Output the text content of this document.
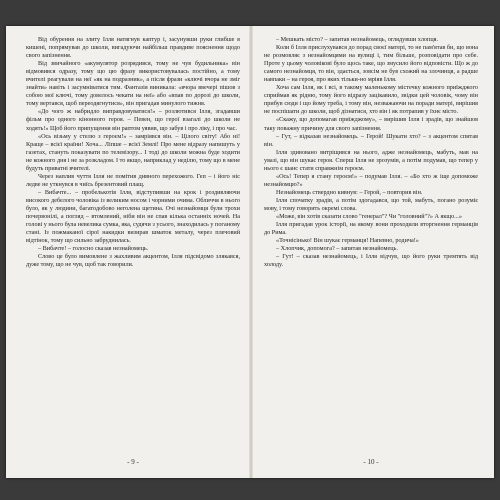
Від обурення на злиту Ілля натягнув каптур і, засунувши руки глибше в кишені, попрямував до школи, вигадуючи найбільш правдиве пояснення щодо свого запізнення.

Від звичайного «акумулятор розрядився, тому не чув будильника» він відмовився одразу, тому що цю фразу використовувалась постійно, а тому вчителі реагували на неї «як на подразник», а після фрази «ключі вчора не зміг знайти» навіть і засумніватися тим. Фантазія виникала: «вчора ввечері пішов з собою мої ключі, тому довелось чекати на неї» або «впав по дорозі до школи, тому вертався, щоб переодягнутися», він пригадав минулого тижня.

«До чого ж набридло виправдовуватися!» – розлютився Ілля, згадавши фільм про одного кінонного героя. – Певен, що герої взагалі до школи не ходять!» Щоб його припущення він раптом уявив, що забув і про ліку, і про час.

«Ось візьму у стелю з героєм!» – замріявся він. – Цілого світу! Або ні! Краще – всієї країни! Хоча... Ліпше – всієї Землі! Про мене відразу напишуть у газетах, стануть показувати по телевізору... І тоді до школи можна буде ходити не кожного дня і не за розкладом. І то якщо, наприклад у неділю, тому що в мене будуть приватні вчителі.

Через наплив чуття Ілля не помітив дивного перехожого. Геп – і його ніс ледве не уткнувся в чиїсь брезентовий плащ.

– Вибачте... – пробелькотів Ілля, відступивши на крок і роздивляючи високого дебелого чоловіка із великим носом і чорними очима. Обличчя в нього було, як у людини, багатодобово неголена щетина. Очі незнайомця були трохи почервонілі, а погляд – втомлений, ніби він не спав кілька останніх ночей. На голові у нього була невелика сумка, яка, судячи з усього, знаходилась у поганому стані. Із пожмаканої сірої накидки визирав шматок металу, через плечовий відтінок, тому що сильно забруднилась.

– Вибачте! – голосно сказав незнайомець.

Слово це було вимовлене з жахливим акцентом, Ілля підсвідомо злякався, дуже тому, що не чув, щоб так говорили.

- 9 -

– Мешкать місто? – запитав незнайомець, оглядувши хлопця.

Коли б Ілля прислухувався до порад своєї матері, то не пам'ятав би, що вона не розмовляє з незнайомцями на вулиці і, тим більше, розповідати про себе. Проте у цьому чоловікові було щось таке, що змусило його відповісти. Що ж до самого незнайомця, то він, здається, зовсім не був схожий на злочинця, а радше навпаки – на героя, про яких тільки-но мріяв Ілля.

Хоча сам Ілля, як і всі, в такому маленькому містечку кожного приїжджого сприймав як рідню, тому його відразу зацікавило, звідки цей чоловік, чому він прибув сюди і що йому треба, і тому він, незважаючи на поради матері, вирішив не поспішати до школи, щоб дізнатися, хто він і як потрапив у їхнє місто.

«Скажу, що допомагав приїжджому», – вирішив Ілля і зрадів, що знайшов таку поважну причину для свого запізнення.

– Гут, – відказав незнайомець. – Герой! Шукати хто? – з акцентом спитав він.

Ілля здивовано витріщився на нього, адже незнайомець, мабуть, мав на увазі, що він шукає героя. Сперш Ілля не зрозумів, а потім подумав, що тепер у нього є шанс стати справжнім героєм.

«Ось! Тепер я стану героєм!» – подумав Ілля. – «Бо хто ж іще допоможе незнайомцю?»

Незнайомець ствердно кивнув: – Герой, – повторив він.

Ілля спочатку зрадів, а потім здогадався, що той, мабуть, погано розуміє мову, і тому говорить окремі слова.

«Може, він хотів сказати слово "генерал"? Чи "головний"?» А якщо...»

Ілля пригадав урок історії, на якому вони проходили вторгнення германців до Рима.

«Точнісінько! Він шукає германця! Напевно, родича!»

– Хлопчик, допомога? – запитав незнайомець.

– Гут! – сказав незнайомець, і Ілля відчув, що його руки тремтять від холоду.

- 10 -
